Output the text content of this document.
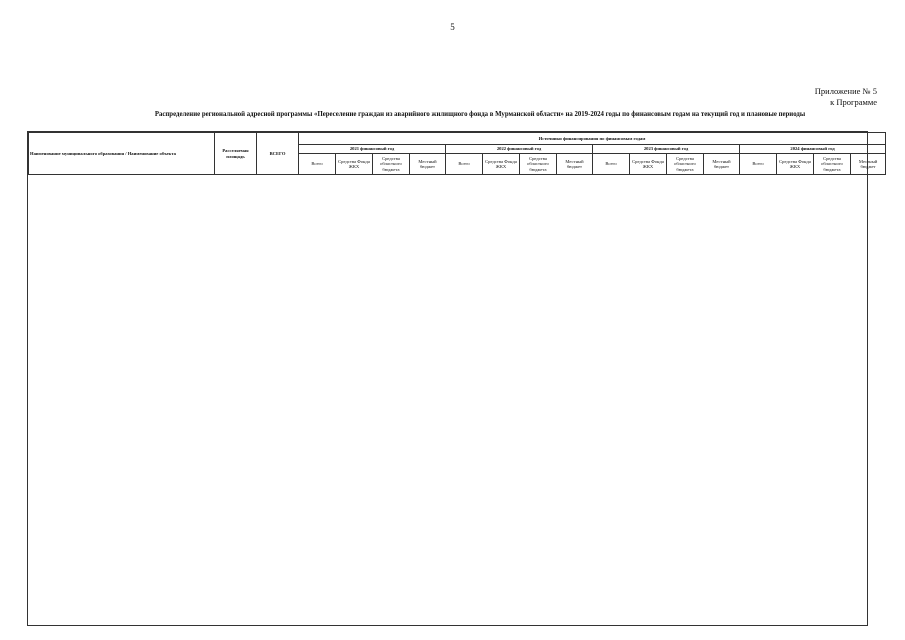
5
Приложение № 5
к Программе
Распределение региональной адресной программы «Переселение граждан из аварийного жилищного фонда в Мурманской области» на 2019-2024 годы по финансовым годам на текущий год и плановые периоды
Наименование муниципального образования / Наименование объекта	Расселяемая площадь	ВСЕГО	Источники финансирования по финансовым годам															
			2021 финансовый год				2022 финансовый год				2023 финансовый год				2024 финансовый год			
			Всего	Средства Фонда ЖКХ	Средства областного бюджета	Местный бюджет	Всего	Средства Фонда ЖКХ	Средства областного бюджета	Местный бюджет	Всего	Средства Фонда ЖКХ	Средства областного бюджета	Местный бюджет	Всего	Средства Фонда ЖКХ	Средства областного бюджета	Местный бюджет
